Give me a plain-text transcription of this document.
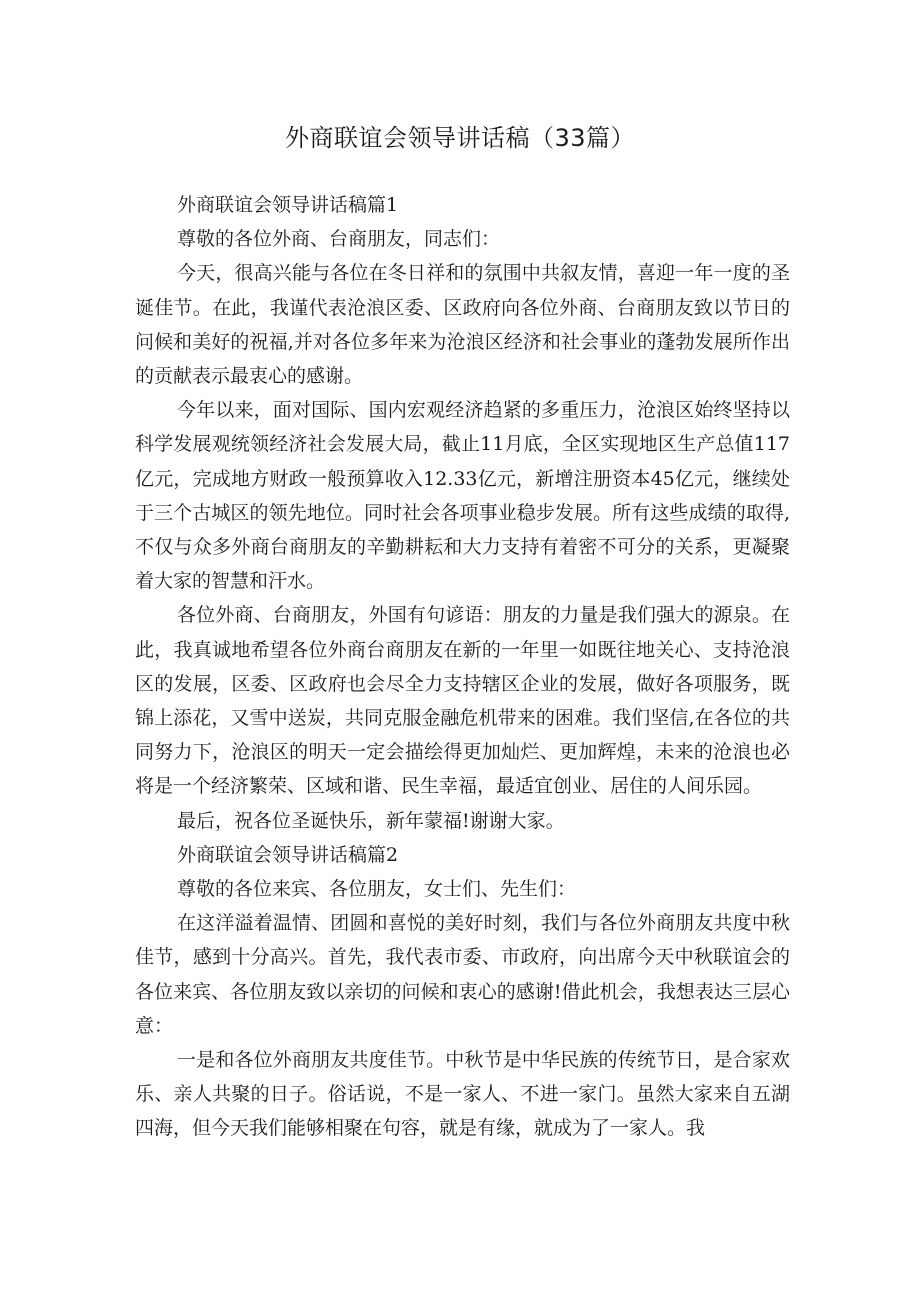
外商联谊会领导讲话稿（33篇）

外商联谊会领导讲话稿篇1

尊敬的各位外商、台商朋友，同志们：

今天，很高兴能与各位在冬日祥和的氛围中共叙友情，喜迎一年一度的圣诞佳节。在此，我谨代表沧浪区委、区政府向各位外商、台商朋友致以节日的问候和美好的祝福,并对各位多年来为沧浪区经济和社会事业的蓬勃发展所作出的贡献表示最衷心的感谢。

今年以来，面对国际、国内宏观经济趋紧的多重压力，沧浪区始终坚持以科学发展观统领经济社会发展大局，截止11月底，全区实现地区生产总值117亿元，完成地方财政一般预算收入12.33亿元，新增注册资本45亿元，继续处于三个古城区的领先地位。同时社会各项事业稳步发展。所有这些成绩的取得,不仅与众多外商台商朋友的辛勤耕耘和大力支持有着密不可分的关系，更凝聚着大家的智慧和汗水。

各位外商、台商朋友，外国有句谚语：朋友的力量是我们强大的源泉。在此，我真诚地希望各位外商台商朋友在新的一年里一如既往地关心、支持沧浪区的发展，区委、区政府也会尽全力支持辖区企业的发展，做好各项服务，既锦上添花，又雪中送炭，共同克服金融危机带来的困难。我们坚信,在各位的共同努力下，沧浪区的明天一定会描绘得更加灿烂、更加辉煌，未来的沧浪也必将是一个经济繁荣、区域和谐、民生幸福，最适宜创业、居住的人间乐园。

最后，祝各位圣诞快乐，新年蒙福!谢谢大家。

外商联谊会领导讲话稿篇2

尊敬的各位来宾、各位朋友，女士们、先生们：

在这洋溢着温情、团圆和喜悦的美好时刻，我们与各位外商朋友共度中秋佳节，感到十分高兴。首先，我代表市委、市政府，向出席今天中秋联谊会的各位来宾、各位朋友致以亲切的问候和衷心的感谢!借此机会，我想表达三层心意：

一是和各位外商朋友共度佳节。中秋节是中华民族的传统节日，是合家欢乐、亲人共聚的日子。俗话说，不是一家人、不进一家门。虽然大家来自五湖四海，但今天我们能够相聚在句容，就是有缘，就成为了一家人。我
